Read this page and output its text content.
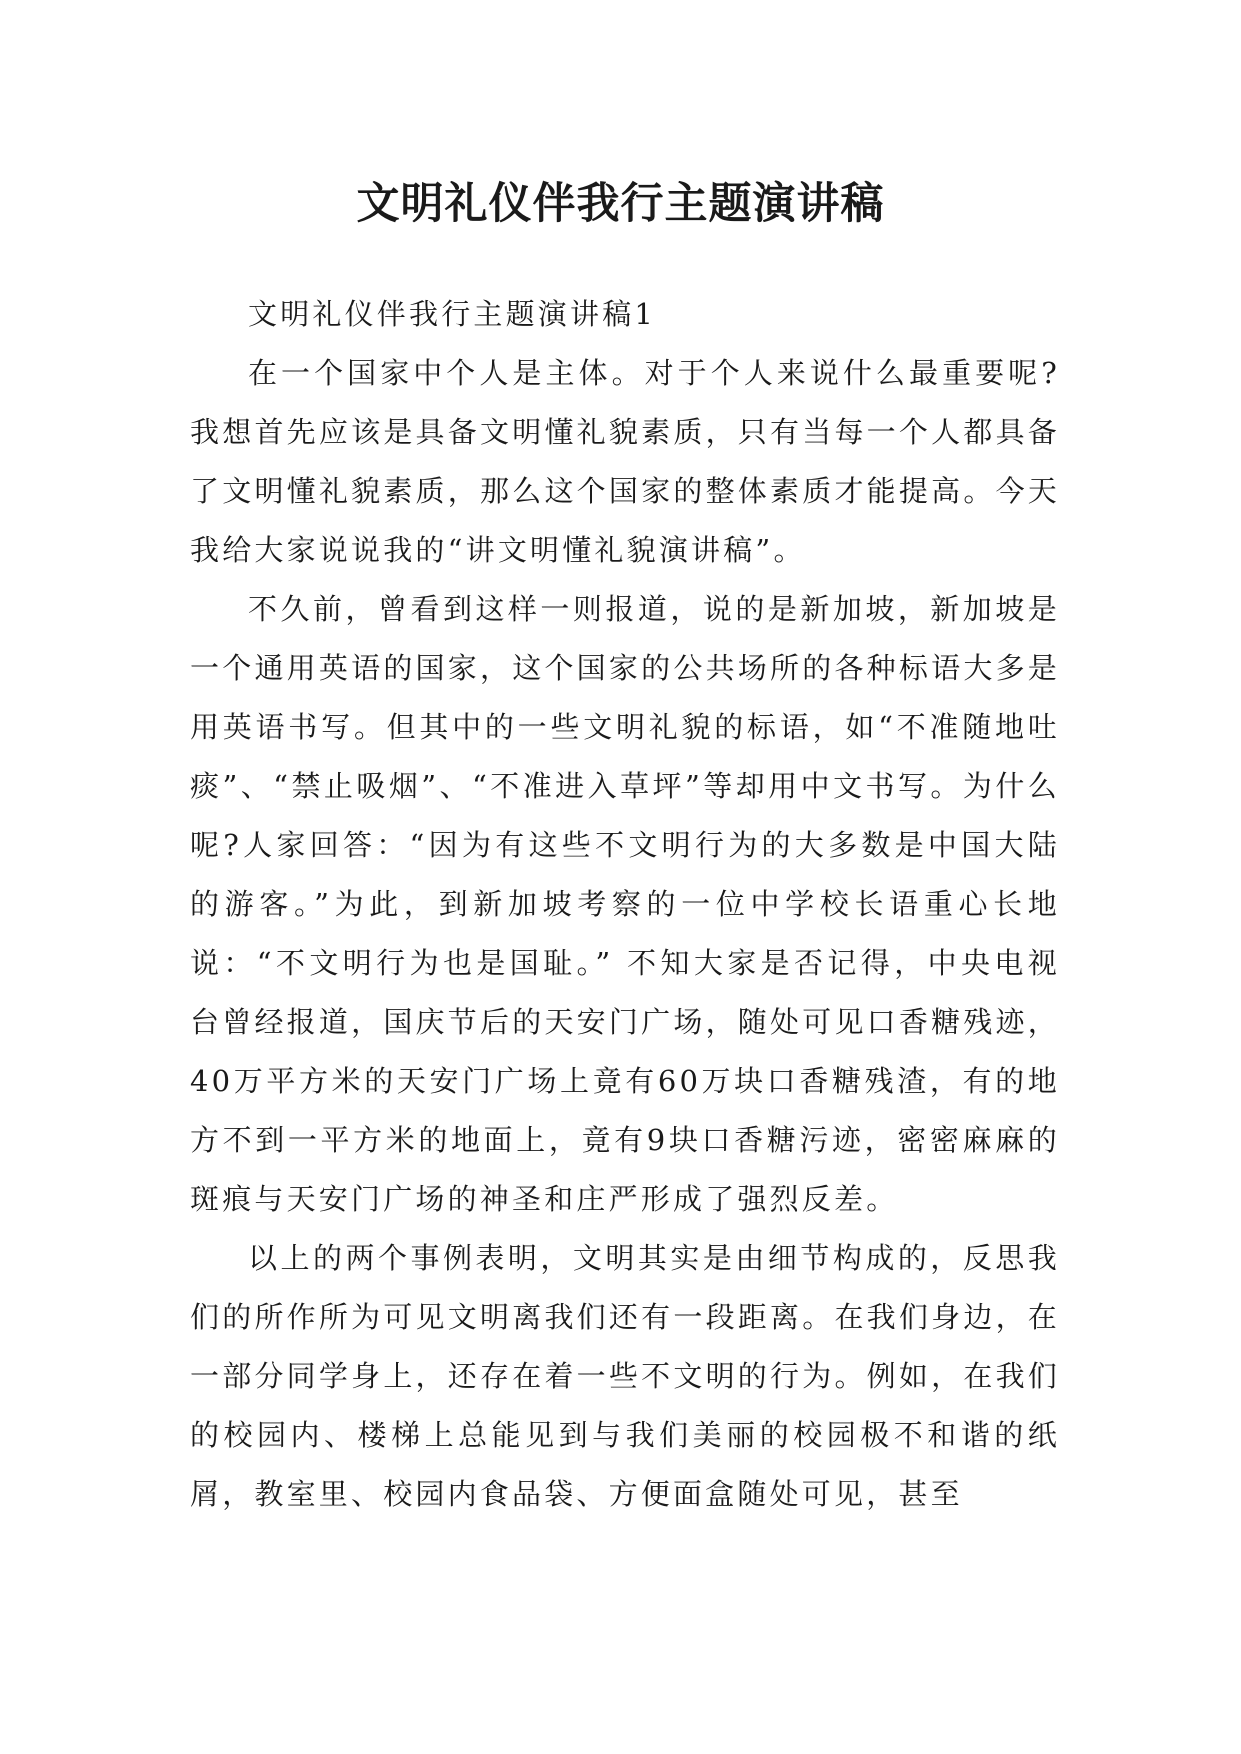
文明礼仪伴我行主题演讲稿

文明礼仪伴我行主题演讲稿1

在一个国家中个人是主体。对于个人来说什么最重要呢?我想首先应该是具备文明懂礼貌素质，只有当每一个人都具备了文明懂礼貌素质，那么这个国家的整体素质才能提高。今天我给大家说说我的“讲文明懂礼貌演讲稿”。

不久前，曾看到这样一则报道，说的是新加坡，新加坡是一个通用英语的国家，这个国家的公共场所的各种标语大多是用英语书写。但其中的一些文明礼貌的标语，如“不准随地吐痰”、“禁止吸烟”、“不准进入草坪”等却用中文书写。为什么呢?人家回答：“因为有这些不文明行为的大多数是中国大陆的游客。”为此，到新加坡考察的一位中学校长语重心长地说：“不文明行为也是国耻。” 不知大家是否记得，中央电视台曾经报道，国庆节后的天安门广场，随处可见口香糖残迹，40万平方米的天安门广场上竟有60万块口香糖残渣，有的地方不到一平方米的地面上，竟有9块口香糖污迹，密密麻麻的斑痕与天安门广场的神圣和庄严形成了强烈反差。

以上的两个事例表明，文明其实是由细节构成的，反思我们的所作所为可见文明离我们还有一段距离。在我们身边，在一部分同学身上，还存在着一些不文明的行为。例如，在我们的校园内、楼梯上总能见到与我们美丽的校园极不和谐的纸屑，教室里、校园内食品袋、方便面盒随处可见，甚至
